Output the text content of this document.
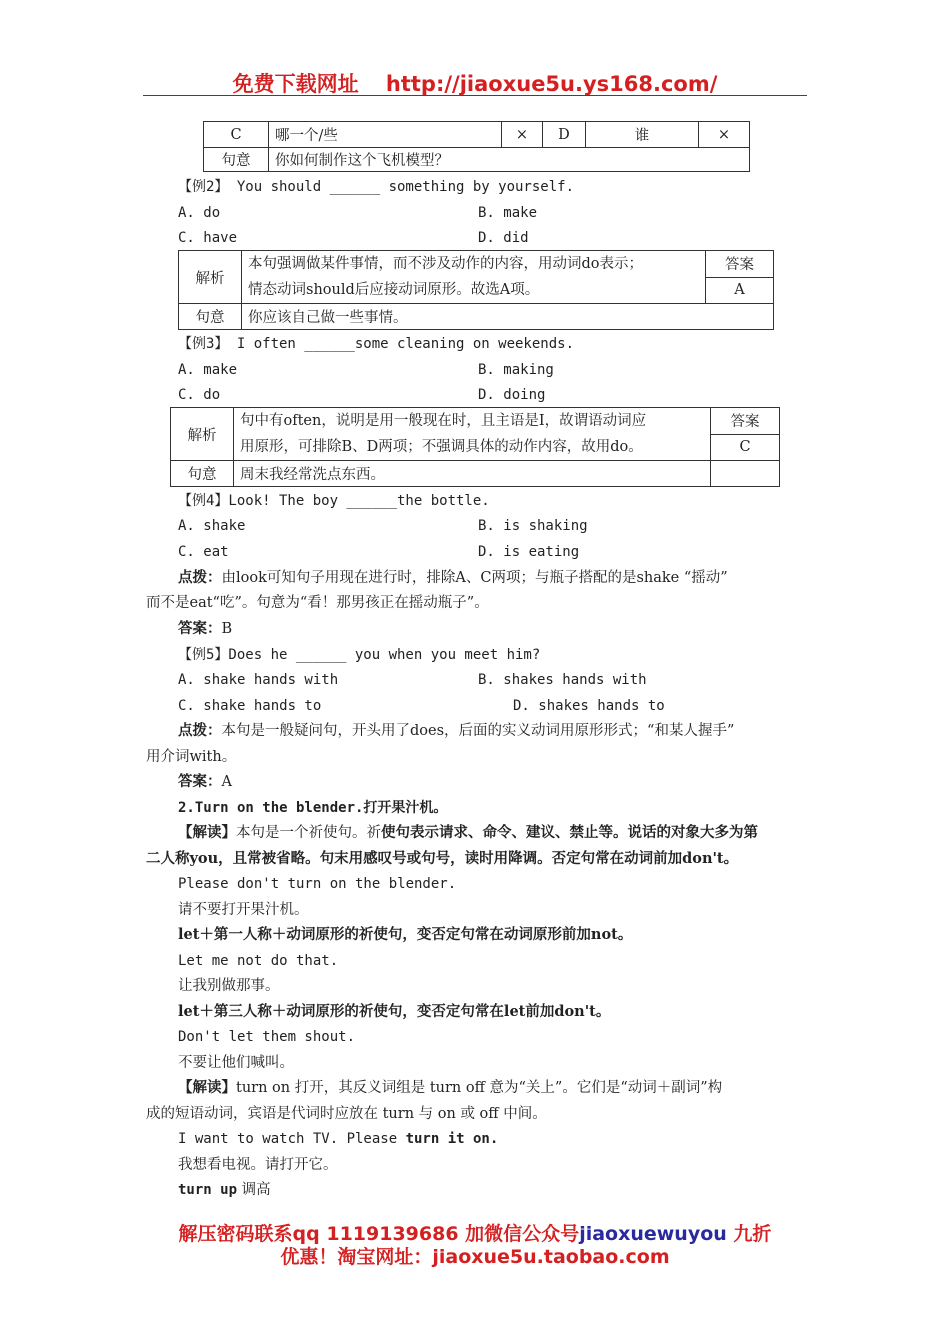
免费下载网址 http://jiaoxue5u.ys168.com/
C	哪一个/些	×	D	谁	×
句意	你如何制作这个飞机模型？				
【例2】 You should ______ something by yourself.
A. do	B. make
C. have	D. did
解析	本句强调做某件事情，而不涉及动作的内容，用动词do表示；
情态动词should后应接动词原形。故选A项。	答案
		A
句意	你应该自己做一些事情。	
【例3】 I often ______some cleaning on weekends.
A. make	B. making
C. do	D. doing
解析	句中有often，说明是用一般现在时，且主语是I，故谓语动词应
用原形，可排除B、D两项；不强调具体的动作内容，故用do。	答案
		C
句意	周末我经常洗点东西。	
【例4】Look! The boy ______the bottle.
A. shake	B. is shaking
C. eat	D. is eating
点拨：由look可知句子用现在进行时，排除A、C两项；与瓶子搭配的是shake “摇动”
而不是eat“吃”。句意为“看！那男孩正在摇动瓶子”。
答案：B
【例5】Does he ______ you when you meet him?
A. shake hands with	B. shakes hands with
C. shake hands to	D. shakes hands to
点拨：本句是一般疑问句，开头用了does，后面的实义动词用原形形式；“和某人握手”
用介词with。
答案：A
2.Turn on the blender.打开果汁机。
【解读】本句是一个祈使句。祈使句表示请求、命令、建议、禁止等。说话的对象大多为第
二人称you，且常被省略。句末用感叹号或句号，读时用降调。否定句常在动词前加don't。
Please don't turn on the blender.
请不要打开果汁机。
let＋第一人称＋动词原形的祈使句，变否定句常在动词原形前加not。
Let me not do that.
让我别做那事。
let＋第三人称＋动词原形的祈使句，变否定句常在let前加don't。
Don't let them shout.
不要让他们喊叫。
【解读】turn on 打开，其反义词组是 turn off 意为“关上”。它们是“动词＋副词”构
成的短语动词，宾语是代词时应放在 turn 与 on 或 off 中间。
I want to watch TV. Please turn it on.
我想看电视。请打开它。
turn up 调高
解压密码联系qq 1119139686 加微信公众号jiaoxuewuyou 九折
优惠！淘宝网址：jiaoxue5u.taobao.com
